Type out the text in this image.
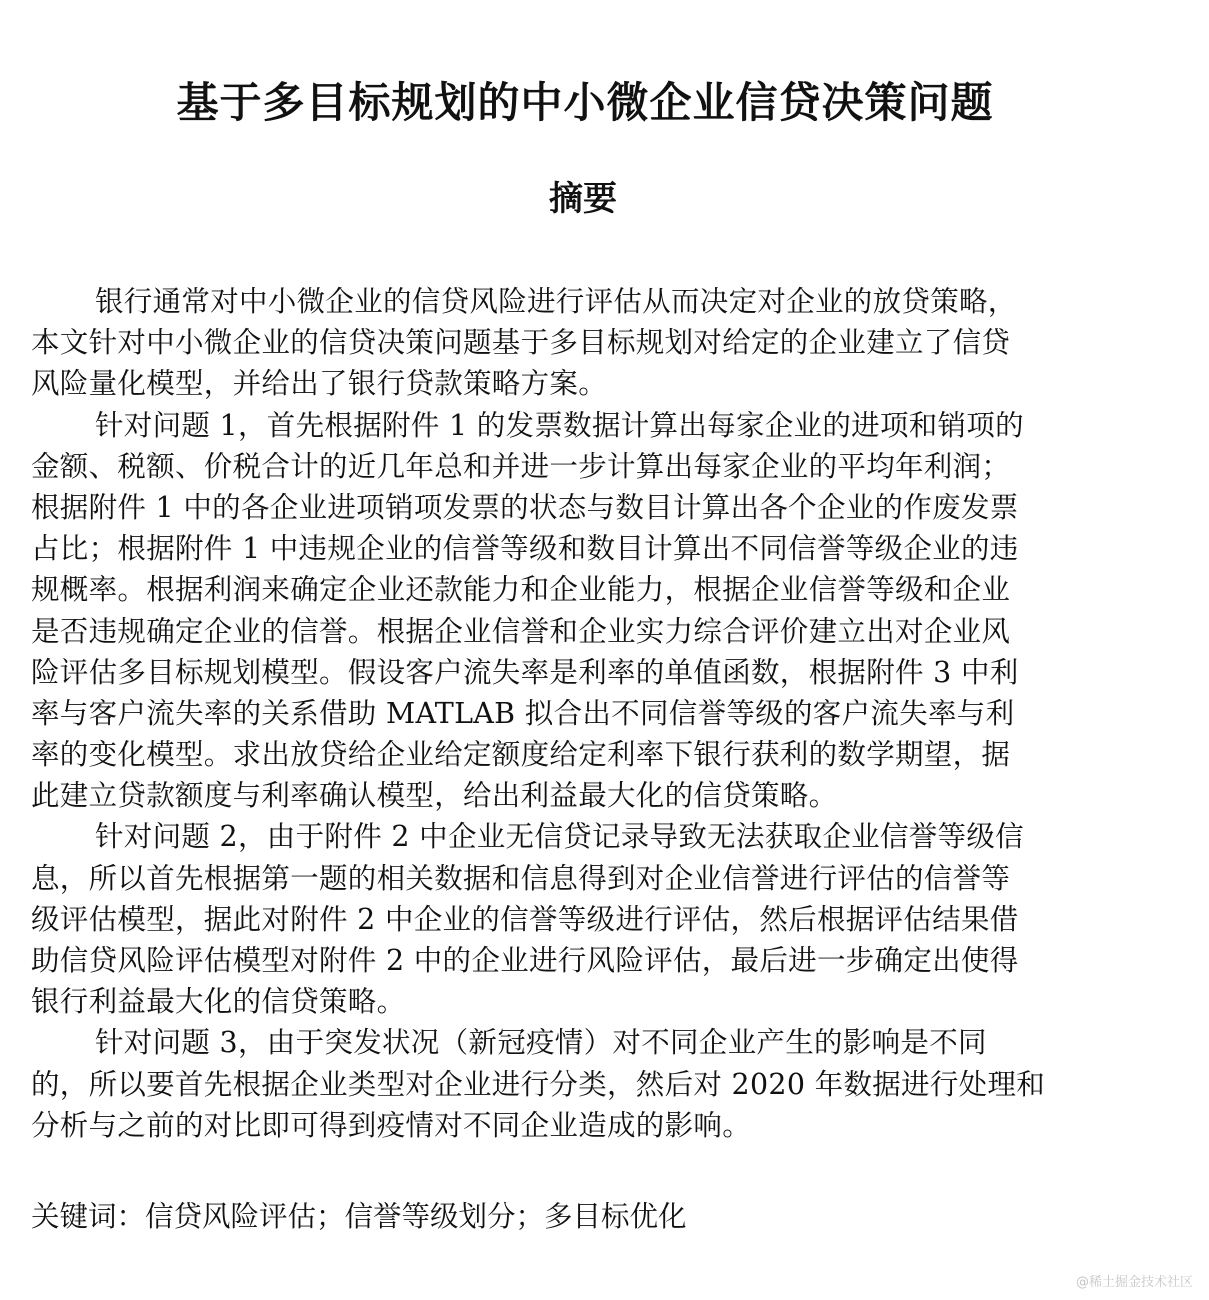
基于多目标规划的中小微企业信贷决策问题
摘要
银行通常对中小微企业的信贷风险进行评估从而决定对企业的放贷策略，
本文针对中小微企业的信贷决策问题基于多目标规划对给定的企业建立了信贷
风险量化模型，并给出了银行贷款策略方案。
针对问题 1，首先根据附件 1 的发票数据计算出每家企业的进项和销项的
金额、税额、价税合计的近几年总和并进一步计算出每家企业的平均年利润；
根据附件 1 中的各企业进项销项发票的状态与数目计算出各个企业的作废发票
占比；根据附件 1 中违规企业的信誉等级和数目计算出不同信誉等级企业的违
规概率。根据利润来确定企业还款能力和企业能力，根据企业信誉等级和企业
是否违规确定企业的信誉。根据企业信誉和企业实力综合评价建立出对企业风
险评估多目标规划模型。假设客户流失率是利率的单值函数，根据附件 3 中利
率与客户流失率的关系借助 MATLAB 拟合出不同信誉等级的客户流失率与利
率的变化模型。求出放贷给企业给定额度给定利率下银行获利的数学期望，据
此建立贷款额度与利率确认模型，给出利益最大化的信贷策略。
针对问题 2，由于附件 2 中企业无信贷记录导致无法获取企业信誉等级信
息，所以首先根据第一题的相关数据和信息得到对企业信誉进行评估的信誉等
级评估模型，据此对附件 2 中企业的信誉等级进行评估，然后根据评估结果借
助信贷风险评估模型对附件 2 中的企业进行风险评估，最后进一步确定出使得
银行利益最大化的信贷策略。
针对问题 3，由于突发状况（新冠疫情）对不同企业产生的影响是不同
的，所以要首先根据企业类型对企业进行分类，然后对 2020 年数据进行处理和
分析与之前的对比即可得到疫情对不同企业造成的影响。
关键词：信贷风险评估；信誉等级划分；多目标优化
@稀土掘金技术社区
